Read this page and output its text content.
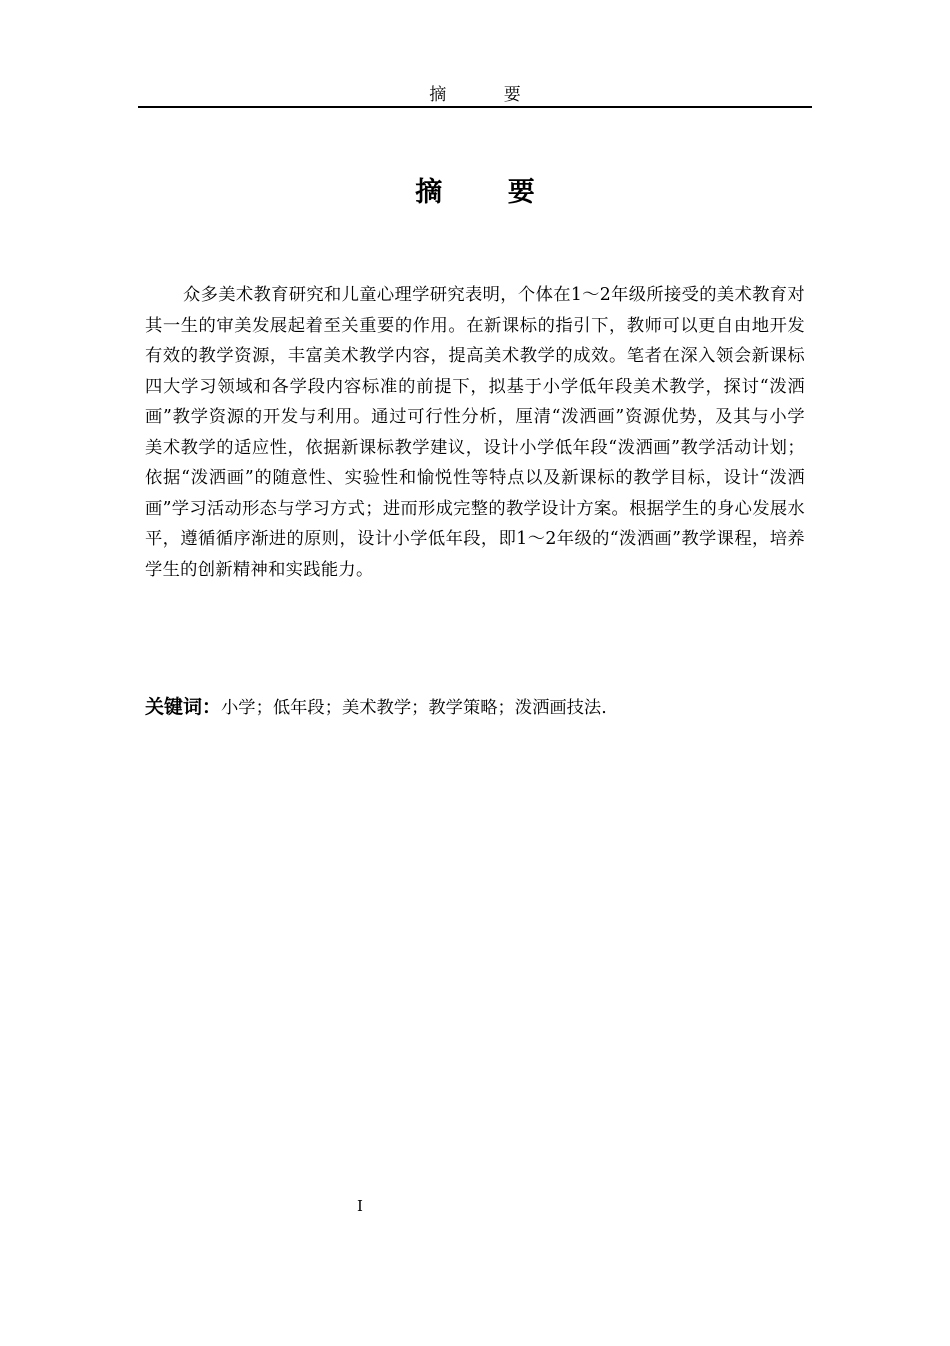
摘 要
摘 要

众多美术教育研究和儿童心理学研究表明，个体在1～2年级所接受的美术教育对其一生的审美发展起着至关重要的作用。在新课标的指引下，教师可以更自由地开发有效的教学资源，丰富美术教学内容，提高美术教学的成效。笔者在深入领会新课标四大学习领域和各学段内容标准的前提下，拟基于小学低年段美术教学，探讨“泼洒画”教学资源的开发与利用。通过可行性分析，厘清“泼洒画”资源优势，及其与小学美术教学的适应性，依据新课标教学建议，设计小学低年段“泼洒画”教学活动计划；依据“泼洒画”的随意性、实验性和愉悦性等特点以及新课标的教学目标，设计“泼洒画”学习活动形态与学习方式；进而形成完整的教学设计方案。根据学生的身心发展水平，遵循循序渐进的原则，设计小学低年段，即1～2年级的“泼洒画”教学课程，培养学生的创新精神和实践能力。

关键词：小学；低年段；美术教学；教学策略；泼洒画技法.
I
